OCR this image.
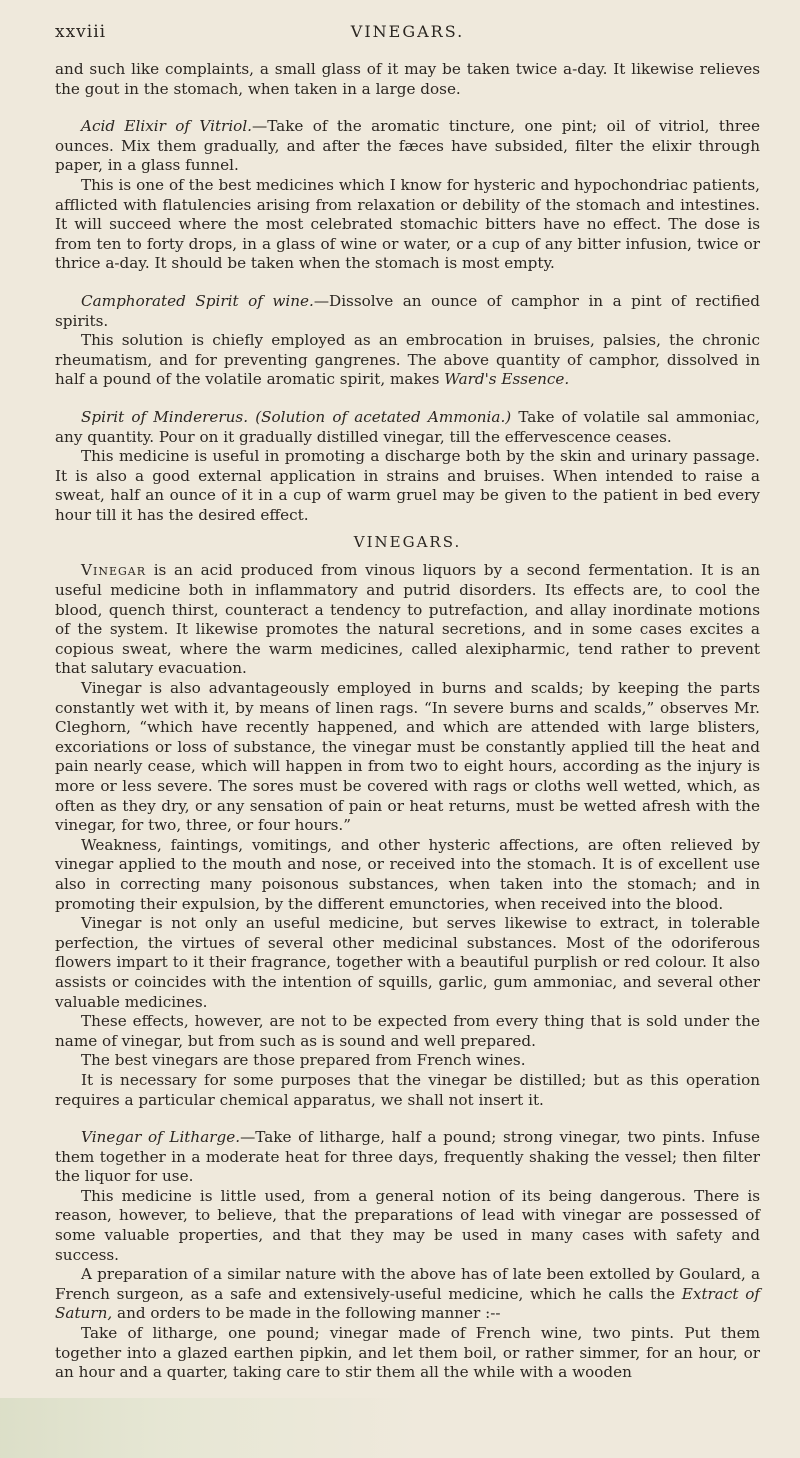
xxviii	VINEGARS.

and such like complaints, a small glass of it may be taken twice a-day. It likewise relieves the gout in the stomach, when taken in a large dose.

Acid Elixir of Vitriol.—Take of the aromatic tincture, one pint; oil of vitriol, three ounces. Mix them gradually, and after the fæces have subsided, filter the elixir through paper, in a glass funnel.

This is one of the best medicines which I know for hysteric and hypochondriac patients, afflicted with flatulencies arising from relaxation or debility of the stomach and intestines. It will succeed where the most celebrated stomachic bitters have no effect. The dose is from ten to forty drops, in a glass of wine or water, or a cup of any bitter infusion, twice or thrice a-day. It should be taken when the stomach is most empty.

Camphorated Spirit of wine.—Dissolve an ounce of camphor in a pint of rectified spirits.

This solution is chiefly employed as an embrocation in bruises, palsies, the chronic rheumatism, and for preventing gangrenes. The above quantity of camphor, dissolved in half a pound of the volatile aromatic spirit, makes Ward's Essence.

Spirit of Mindererus. (Solution of acetated Ammonia.) Take of volatile sal ammoniac, any quantity. Pour on it gradually distilled vinegar, till the effervescence ceases.

This medicine is useful in promoting a discharge both by the skin and urinary passage. It is also a good external application in strains and bruises. When intended to raise a sweat, half an ounce of it in a cup of warm gruel may be given to the patient in bed every hour till it has the desired effect.

VINEGARS.

Vinegar is an acid produced from vinous liquors by a second fermentation. It is an useful medicine both in inflammatory and putrid disorders. Its effects are, to cool the blood, quench thirst, counteract a tendency to putrefaction, and allay inordinate motions of the system. It likewise promotes the natural secretions, and in some cases excites a copious sweat, where the warm medicines, called alexipharmic, tend rather to prevent that salutary evacuation.

Vinegar is also advantageously employed in burns and scalds; by keeping the parts constantly wet with it, by means of linen rags. “In severe burns and scalds,” observes Mr. Cleghorn, “which have recently happened, and which are attended with large blisters, excoriations or loss of substance, the vinegar must be constantly applied till the heat and pain nearly cease, which will happen in from two to eight hours, according as the injury is more or less severe. The sores must be covered with rags or cloths well wetted, which, as often as they dry, or any sensation of pain or heat returns, must be wetted afresh with the vinegar, for two, three, or four hours.”

Weakness, faintings, vomitings, and other hysteric affections, are often relieved by vinegar applied to the mouth and nose, or received into the stomach. It is of excellent use also in correcting many poisonous substances, when taken into the stomach; and in promoting their expulsion, by the different emunctories, when received into the blood.

Vinegar is not only an useful medicine, but serves likewise to extract, in tolerable perfection, the virtues of several other medicinal substances. Most of the odoriferous flowers impart to it their fragrance, together with a beautiful purplish or red colour. It also assists or coincides with the intention of squills, garlic, gum ammoniac, and several other valuable medicines.

These effects, however, are not to be expected from every thing that is sold under the name of vinegar, but from such as is sound and well prepared.

The best vinegars are those prepared from French wines.

It is necessary for some purposes that the vinegar be distilled; but as this operation requires a particular chemical apparatus, we shall not insert it.

Vinegar of Litharge.—Take of litharge, half a pound; strong vinegar, two pints. Infuse them together in a moderate heat for three days, frequently shaking the vessel; then filter the liquor for use.

This medicine is little used, from a general notion of its being dangerous. There is reason, however, to believe, that the preparations of lead with vinegar are possessed of some valuable properties, and that they may be used in many cases with safety and success.

A preparation of a similar nature with the above has of late been extolled by Goulard, a French surgeon, as a safe and extensively-useful medicine, which he calls the Extract of Saturn, and orders to be made in the following manner :--

Take of litharge, one pound; vinegar made of French wine, two pints. Put them together into a glazed earthen pipkin, and let them boil, or rather simmer, for an hour, or an hour and a quarter, taking care to stir them all the while with a wooden
